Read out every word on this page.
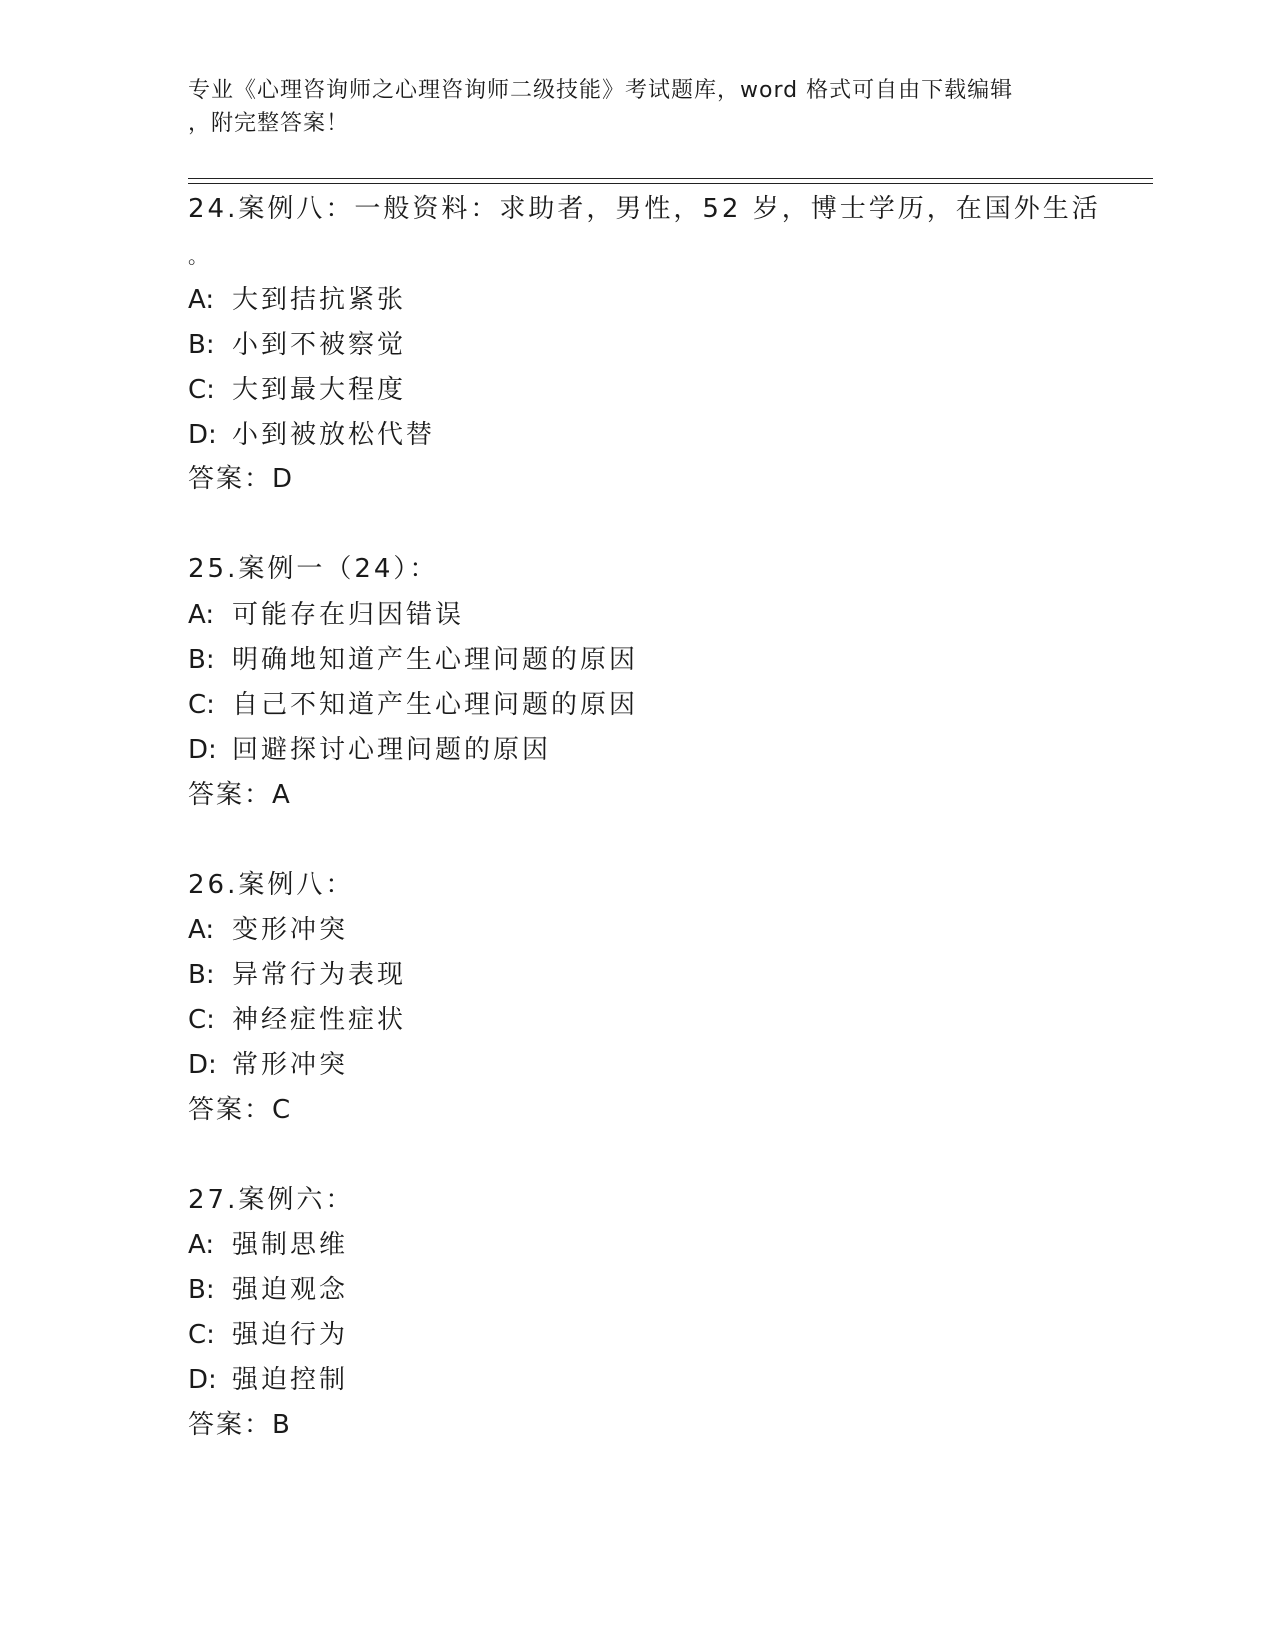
专业《心理咨询师之心理咨询师二级技能》考试题库，word 格式可自由下载编辑
，附完整答案！
24.案例八：一般资料：求助者，男性，52 岁，博士学历，在国外生活
。
A: 大到拮抗紧张
B: 小到不被察觉
C: 大到最大程度
D: 小到被放松代替
答案：D
25.案例一（24）：
A: 可能存在归因错误
B: 明确地知道产生心理问题的原因
C: 自己不知道产生心理问题的原因
D: 回避探讨心理问题的原因
答案：A
26.案例八：
A: 变形冲突
B: 异常行为表现
C: 神经症性症状
D: 常形冲突
答案：C
27.案例六：
A: 强制思维
B: 强迫观念
C: 强迫行为
D: 强迫控制
答案：B
